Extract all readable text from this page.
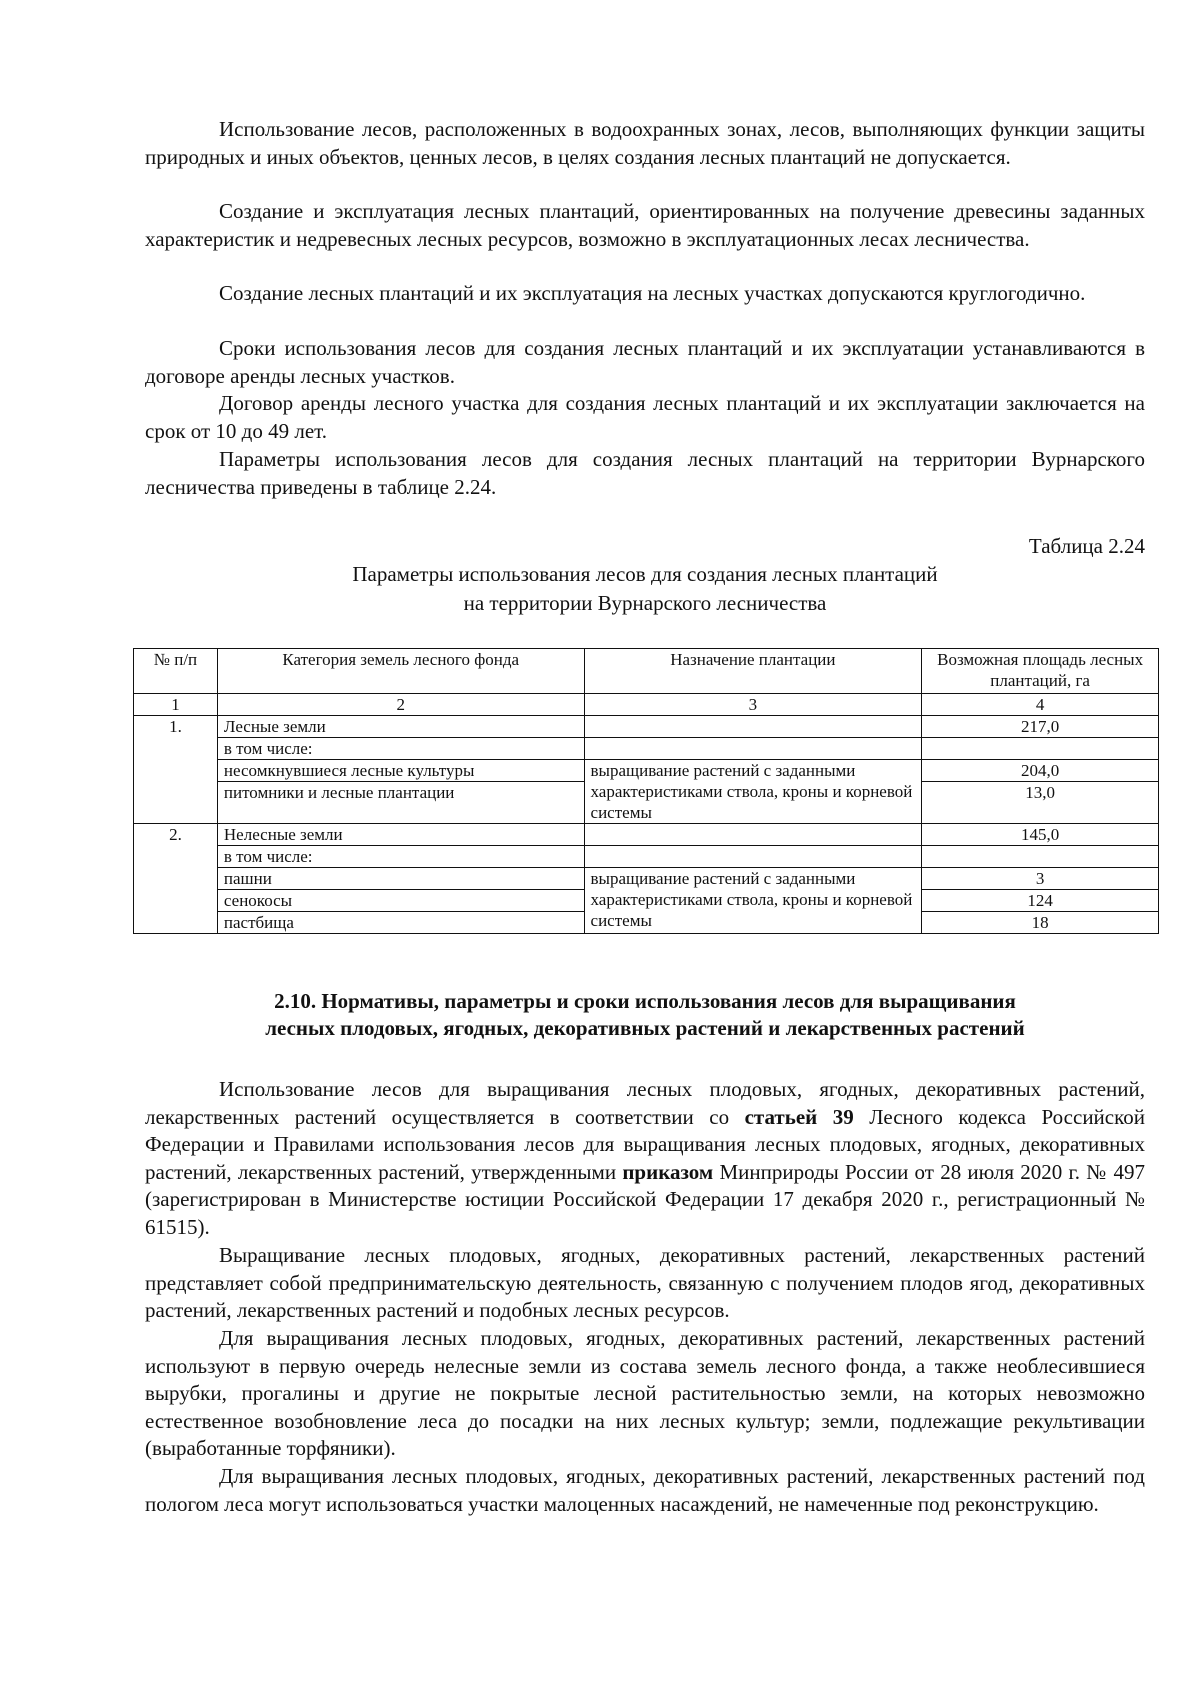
Использование лесов, расположенных в водоохранных зонах, лесов, выполняющих функции защиты природных и иных объектов, ценных лесов, в целях создания лесных плантаций не допускается.

Создание и эксплуатация лесных плантаций, ориентированных на получение древесины заданных характеристик и недревесных лесных ресурсов, возможно в эксплуатационных лесах лесничества.

Создание лесных плантаций и их эксплуатация на лесных участках допускаются круглогодично.

Сроки использования лесов для создания лесных плантаций и их эксплуатации устанавливаются в договоре аренды лесных участков.

Договор аренды лесного участка для создания лесных плантаций и их эксплуатации заключается на срок от 10 до 49 лет.

Параметры использования лесов для создания лесных плантаций на территории Вурнарского лесничества приведены в таблице 2.24.

Таблица 2.24
Параметры использования лесов для создания лесных плантаций
на территории Вурнарского лесничества
№ п/п	Категория земель лесного фонда	Назначение плантации	Возможная площадь лесных плантаций, га
1	2	3	4
1.	Лесные земли		217,0
	в том числе:		
	несомкнувшиеся лесные культуры	выращивание растений с заданными характеристиками ствола, кроны и корневой системы	204,0
	питомники и лесные плантации		13,0

2.	Нелесные земли		145,0
	в том числе:		
	пашни	выращивание растений с заданными характеристиками ствола, кроны и корневой системы	3
	сенокосы		124
	пастбища		18
2.10. Нормативы, параметры и сроки использования лесов для выращивания
лесных плодовых, ягодных, декоративных растений и лекарственных растений

Использование лесов для выращивания лесных плодовых, ягодных, декоративных растений, лекарственных растений осуществляется в соответствии со статьей 39 Лесного кодекса Российской Федерации и Правилами использования лесов для выращивания лесных плодовых, ягодных, декоративных растений, лекарственных растений, утвержденными приказом Минприроды России от 28 июля 2020 г. № 497 (зарегистрирован в Министерстве юстиции Российской Федерации 17 декабря 2020 г., регистрационный № 61515).

Выращивание лесных плодовых, ягодных, декоративных растений, лекарственных растений представляет собой предпринимательскую деятельность, связанную с получением плодов ягод, декоративных растений, лекарственных растений и подобных лесных ресурсов.

Для выращивания лесных плодовых, ягодных, декоративных растений, лекарственных растений используют в первую очередь нелесные земли из состава земель лесного фонда, а также необлесившиеся вырубки, прогалины и другие не покрытые лесной растительностью земли, на которых невозможно естественное возобновление леса до посадки на них лесных культур; земли, подлежащие рекультивации (выработанные торфяники).

Для выращивания лесных плодовых, ягодных, декоративных растений, лекарственных растений под пологом леса могут использоваться участки малоценных насаждений, не намеченные под реконструкцию.
